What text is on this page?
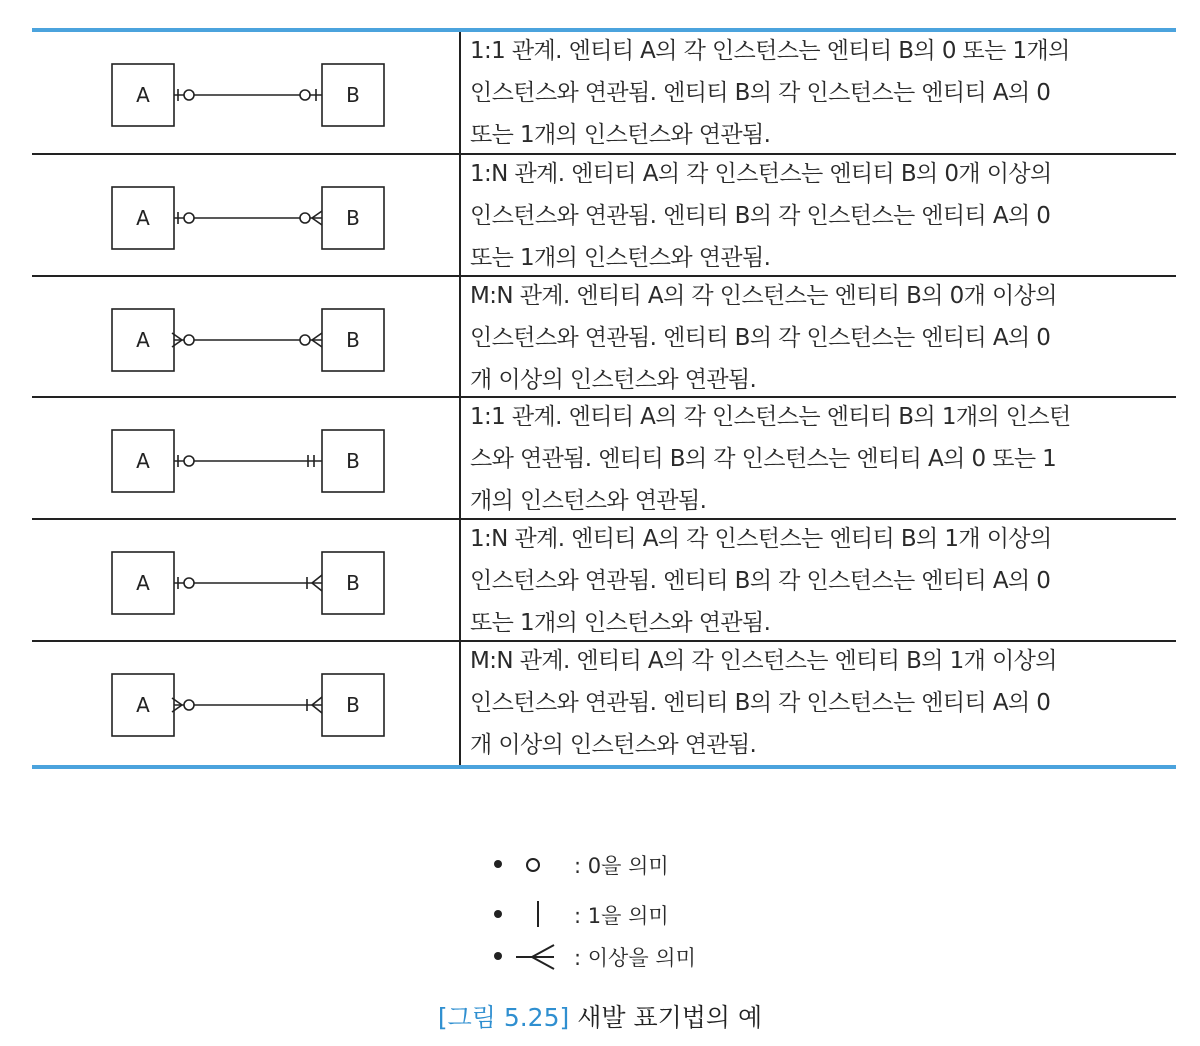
A	B
1:1 관계. 엔티티 A의 각 인스턴스는 엔티티 B의 0 또는 1개의
인스턴스와 연관됨. 엔티티 B의 각 인스턴스는 엔티티 A의 0
또는 1개의 인스턴스와 연관됨.
A	B
1:N 관계. 엔티티 A의 각 인스턴스는 엔티티 B의 0개 이상의
인스턴스와 연관됨. 엔티티 B의 각 인스턴스는 엔티티 A의 0
또는 1개의 인스턴스와 연관됨.
A	B
M:N 관계. 엔티티 A의 각 인스턴스는 엔티티 B의 0개 이상의
인스턴스와 연관됨. 엔티티 B의 각 인스턴스는 엔티티 A의 0
개 이상의 인스턴스와 연관됨.
A	B
1:1 관계. 엔티티 A의 각 인스턴스는 엔티티 B의 1개의 인스턴
스와 연관됨. 엔티티 B의 각 인스턴스는 엔티티 A의 0 또는 1
개의 인스턴스와 연관됨.
A	B
1:N 관계. 엔티티 A의 각 인스턴스는 엔티티 B의 1개 이상의
인스턴스와 연관됨. 엔티티 B의 각 인스턴스는 엔티티 A의 0
또는 1개의 인스턴스와 연관됨.
A	B
M:N 관계. 엔티티 A의 각 인스턴스는 엔티티 B의 1개 이상의
인스턴스와 연관됨. 엔티티 B의 각 인스턴스는 엔티티 A의 0
개 이상의 인스턴스와 연관됨.
: 0을 의미
: 1을 의미
: 이상을 의미
[그림 5.25] 새발 표기법의 예
